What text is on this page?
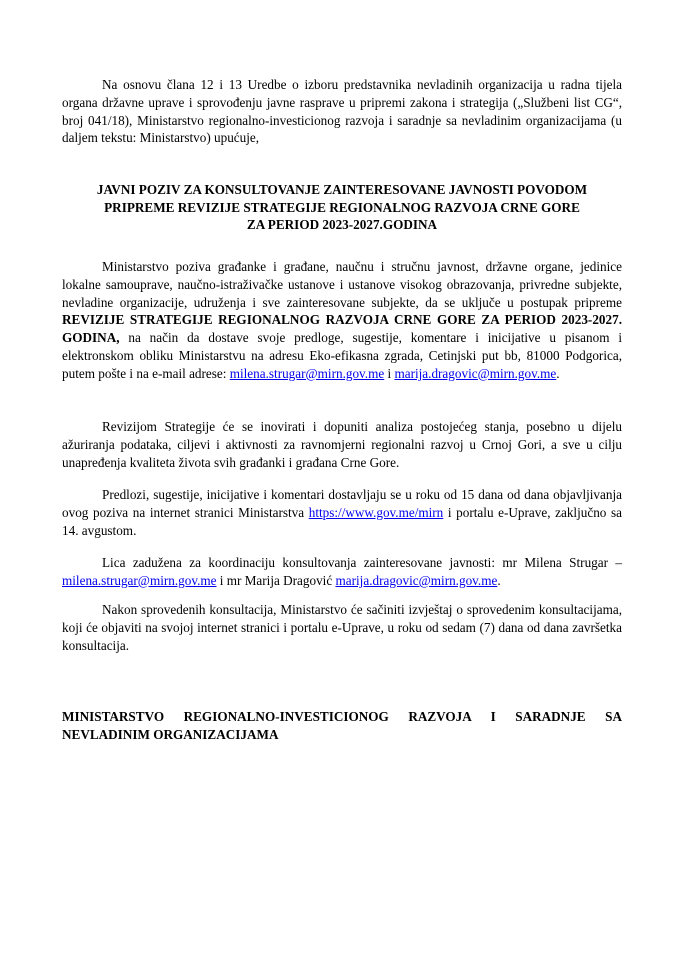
Na osnovu člana 12 i 13 Uredbe o izboru predstavnika nevladinih organizacija u radna tijela organa državne uprave i sprovođenju javne rasprave u pripremi zakona i strategija („Službeni list CG“, broj 041/18), Ministarstvo regionalno-investicionog razvoja i saradnje sa nevladinim organizacijama (u daljem tekstu: Ministarstvo) upućuje,

JAVNI POZIV ZA KONSULTOVANJE ZAINTERESOVANE JAVNOSTI POVODOM
PRIPREME REVIZIJE STRATEGIJE REGIONALNOG RAZVOJA CRNE GORE
ZA PERIOD 2023-2027.GODINA

Ministarstvo poziva građanke i građane, naučnu i stručnu javnost, državne organe, jedinice lokalne samouprave, naučno-istraživačke ustanove i ustanove visokog obrazovanja, privredne subjekte, nevladine organizacije, udruženja i sve zainteresovane subjekte, da se uključe u postupak pripreme REVIZIJE STRATEGIJE REGIONALNOG RAZVOJA CRNE GORE ZA PERIOD 2023-2027. GODINA, na način da dostave svoje predloge, sugestije, komentare i inicijative u pisanom i elektronskom obliku Ministarstvu na adresu Eko-efikasna zgrada, Cetinjski put bb, 81000 Podgorica, putem pošte i na e-mail adrese: milena.strugar@mirn.gov.me i marija.dragovic@mirn.gov.me.

Revizijom Strategije će se inovirati i dopuniti analiza postojećeg stanja, posebno u dijelu ažuriranja podataka, ciljevi i aktivnosti za ravnomjerni regionalni razvoj u Crnoj Gori, a sve u cilju unapređenja kvaliteta života svih građanki i građana Crne Gore.

Predlozi, sugestije, inicijative i komentari dostavljaju se u roku od 15 dana od dana objavljivanja ovog poziva na internet stranici Ministarstva https://www.gov.me/mirn i portalu e-Uprave, zaključno sa 14. avgustom.

Lica zadužena za koordinaciju konsultovanja zainteresovane javnosti: mr Milena Strugar – milena.strugar@mirn.gov.me i mr Marija Dragović marija.dragovic@mirn.gov.me.

Nakon sprovedenih konsultacija, Ministarstvo će sačiniti izvještaj o sprovedenim konsultacijama, koji će objaviti na svojoj internet stranici i portalu e-Uprave, u roku od sedam (7) dana od dana završetka konsultacija.

MINISTARSTVO REGIONALNO-INVESTICIONOG RAZVOJA I SARADNJE SA NEVLADINIM ORGANIZACIJAMA
